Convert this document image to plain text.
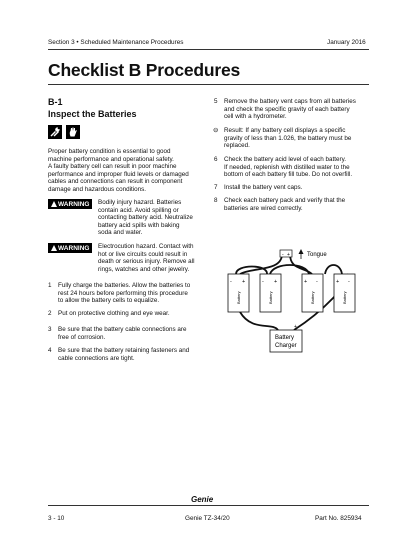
Section 3 • Scheduled Maintenance Procedures	January 2016
Checklist B Procedures
B-1
Inspect the Batteries
Proper battery condition is essential to good
machine performance and operational safety.
A faulty battery cell can result in poor machine
performance and improper fluid levels or damaged
cables and connections can result in component
damage and hazardous conditions.
WARNING Bodily injury hazard. Batteries
contain acid. Avoid spilling or
contacting battery acid. Neutralize
battery acid spills with baking
soda and water.
WARNING Electrocution hazard. Contact with
hot or live circuits could result in
death or serious injury. Remove all
rings, watches and other jewelry.
1 Fully charge the batteries. Allow the batteries to
rest 24 hours before performing this procedure
to allow the battery cells to equalize.
2 Put on protective clothing and eye wear.
3 Be sure that the battery cable connections are
free of corrosion.
4 Be sure that the battery retaining fasteners and
cable connections are tight.
5 Remove the battery vent caps from all batteries
and check the specific gravity of each battery
cell with a hydrometer.
⊖ Result: If any battery cell displays a specific
gravity of less than 1.026, the battery must be
replaced.
6 Check the battery acid level of each battery.
If needed, replenish with distilled water to the
bottom of each battery fill tube. Do not overfill.
7 Install the battery vent caps.
8 Check each battery pack and verify that the
batteries are wired correctly.
Tongue
- +
- +
Battery
- +
Battery
+ -
Battery
+ -
Battery
-	+
Battery
Charger
Genie
3 - 10	Genie TZ-34/20	Part No. 825934
